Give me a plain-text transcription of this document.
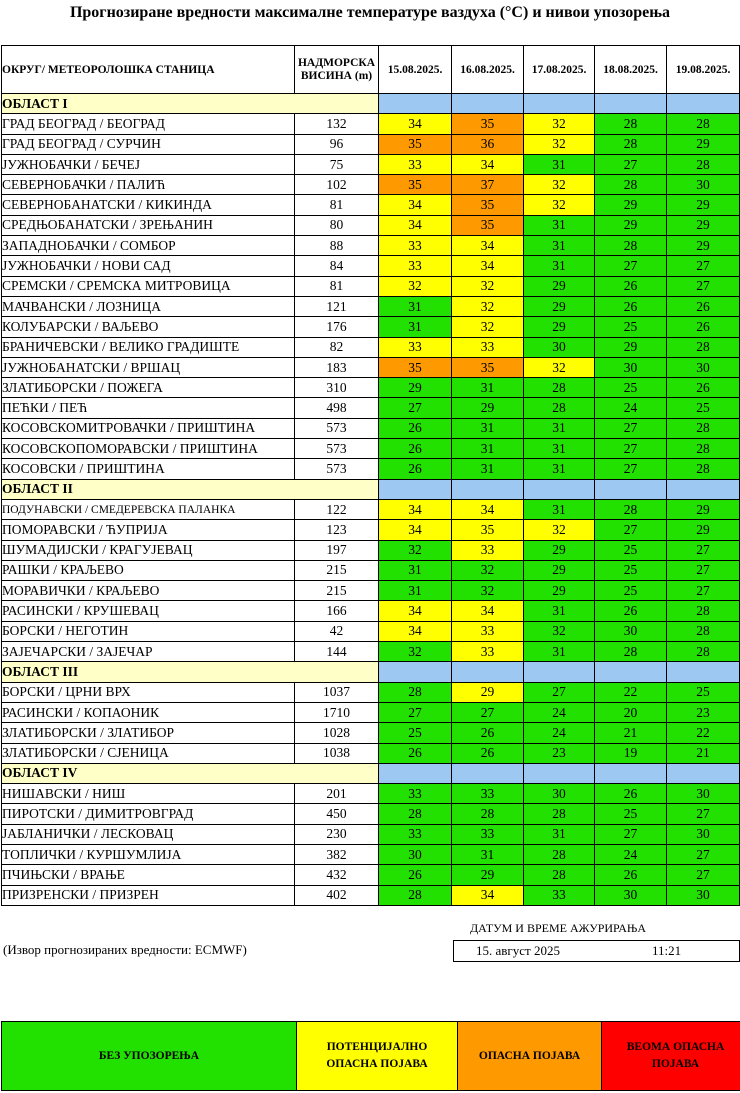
Прогнозиране вредности максималне температуре ваздуха (°C) и нивои упозорења
ОКРУГ/ МЕТЕОРОЛОШКА СТАНИЦА	НАДМОРСКА ВИСИНА (m)	15.08.2025.	16.08.2025.	17.08.2025.	18.08.2025.	19.08.2025.
ОБЛАСТ I						
ГРАД БЕОГРАД / БЕОГРАД	132	34	35	32	28	28
ГРАД БЕОГРАД / СУРЧИН	96	35	36	32	28	29
ЈУЖНОБАЧКИ / БЕЧЕЈ	75	33	34	31	27	28
СЕВЕРНОБАЧКИ / ПАЛИЋ	102	35	37	32	28	30
СЕВЕРНОБАНАТСКИ / КИКИНДА	81	34	35	32	29	29
СРЕДЊОБАНАТСКИ / ЗРЕЊАНИН	80	34	35	31	29	29
ЗАПАДНОБАЧКИ / СОМБОР	88	33	34	31	28	29
ЈУЖНОБАЧКИ / НОВИ САД	84	33	34	31	27	27
СРЕМСКИ / СРЕМСКА МИТРОВИЦА	81	32	32	29	26	27
МАЧВАНСКИ / ЛОЗНИЦА	121	31	32	29	26	26
КОЛУБАРСКИ / ВАЉЕВО	176	31	32	29	25	26
БРАНИЧЕВСКИ / ВЕЛИКО ГРАДИШТЕ	82	33	33	30	29	28
ЈУЖНОБАНАТСКИ / ВРШАЦ	183	35	35	32	30	30
ЗЛАТИБОРСКИ / ПОЖЕГА	310	29	31	28	25	26
ПЕЋКИ / ПЕЋ	498	27	29	28	24	25
КОСОВСКОМИТРОВАЧКИ / ПРИШТИНА	573	26	31	31	27	28
КОСОВСКОПОМОРАВСКИ / ПРИШТИНА	573	26	31	31	27	28
КОСОВСКИ / ПРИШТИНА	573	26	31	31	27	28
ОБЛАСТ II						
ПОДУНАВСКИ / СМЕДЕРЕВСКА ПАЛАНКА	122	34	34	31	28	29
ПОМОРАВСКИ / ЋУПРИЈА	123	34	35	32	27	29
ШУМАДИЈСКИ / КРАГУЈЕВАЦ	197	32	33	29	25	27
РАШКИ / КРАЉЕВО	215	31	32	29	25	27
МОРАВИЧКИ / КРАЉЕВО	215	31	32	29	25	27
РАСИНСКИ / КРУШЕВАЦ	166	34	34	31	26	28
БОРСКИ / НЕГОТИН	42	34	33	32	30	28
ЗАЈЕЧАРСКИ / ЗАЈЕЧАР	144	32	33	31	28	28
ОБЛАСТ III						
БОРСКИ / ЦРНИ ВРХ	1037	28	29	27	22	25
РАСИНСКИ / КОПАОНИК	1710	27	27	24	20	23
ЗЛАТИБОРСКИ / ЗЛАТИБОР	1028	25	26	24	21	22
ЗЛАТИБОРСКИ / СЈЕНИЦА	1038	26	26	23	19	21
ОБЛАСТ IV						
НИШАВСКИ / НИШ	201	33	33	30	26	30
ПИРОТСКИ / ДИМИТРОВГРАД	450	28	28	28	25	27
ЈАБЛАНИЧКИ / ЛЕСКОВАЦ	230	33	33	31	27	30
ТОПЛИЧКИ / КУРШУМЛИЈА	382	30	31	28	24	27
ПЧИЊСКИ / ВРАЊЕ	432	26	29	28	26	27
ПРИЗРЕНСКИ / ПРИЗРЕН	402	28	34	33	30	30
ДАТУМ И ВРЕМЕ АЖУРИРАЊА
(Извор прогнозираних вредности: ECMWF)	15. август 2025	11:21
БЕЗ УПОЗОРЕЊА

ПОТЕНЦИЈАЛНО
ОПАСНА ПОЈАВА

ОПАСНА ПОЈАВА

ВЕОМА ОПАСНА
ПОЈАВА
